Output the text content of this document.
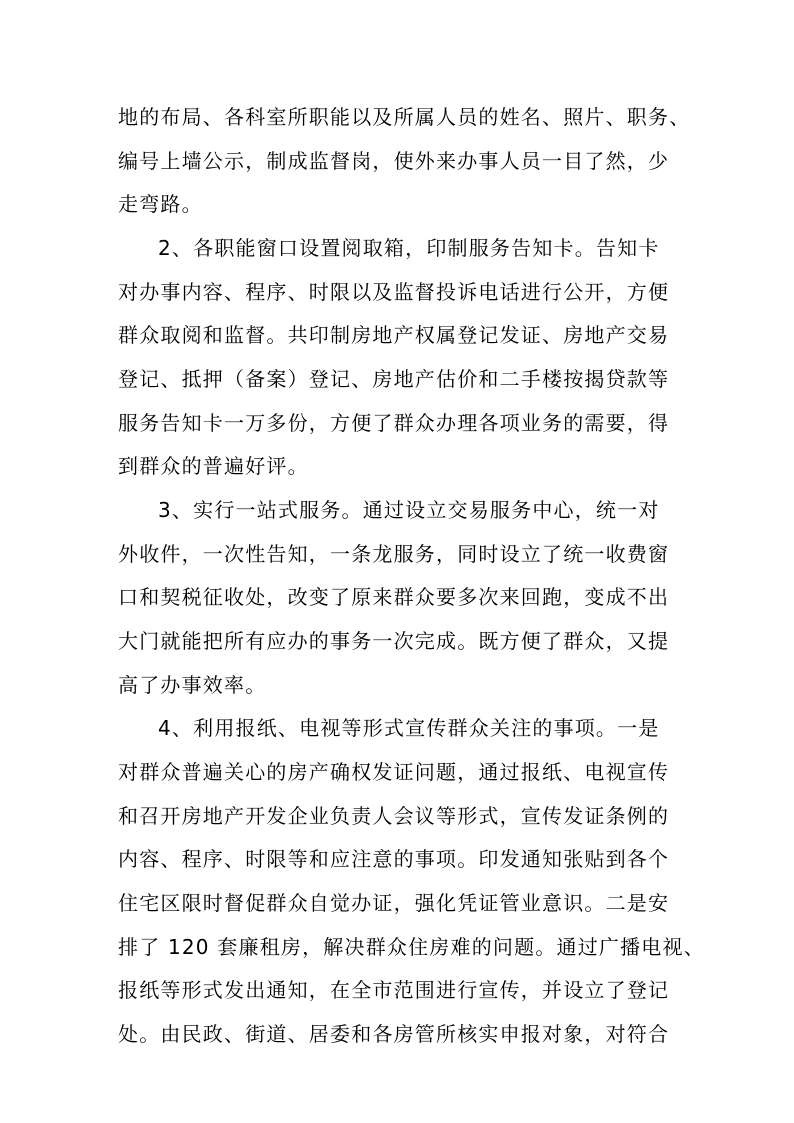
地的布局、各科室所职能以及所属人员的姓名、照片、职务、
编号上墙公示，制成监督岗，使外来办事人员一目了然，少
走弯路。
2、各职能窗口设置阅取箱，印制服务告知卡。告知卡
对办事内容、程序、时限以及监督投诉电话进行公开，方便
群众取阅和监督。共印制房地产权属登记发证、房地产交易
登记、抵押（备案）登记、房地产估价和二手楼按揭贷款等
服务告知卡一万多份，方便了群众办理各项业务的需要，得
到群众的普遍好评。
3、实行一站式服务。通过设立交易服务中心，统一对
外收件，一次性告知，一条龙服务，同时设立了统一收费窗
口和契税征收处，改变了原来群众要多次来回跑，变成不出
大门就能把所有应办的事务一次完成。既方便了群众，又提
高了办事效率。
4、利用报纸、电视等形式宣传群众关注的事项。一是
对群众普遍关心的房产确权发证问题，通过报纸、电视宣传
和召开房地产开发企业负责人会议等形式，宣传发证条例的
内容、程序、时限等和应注意的事项。印发通知张贴到各个
住宅区限时督促群众自觉办证，强化凭证管业意识。二是安
排了 120 套廉租房，解决群众住房难的问题。通过广播电视、
报纸等形式发出通知，在全市范围进行宣传，并设立了登记
处。由民政、街道、居委和各房管所核实申报对象，对符合
